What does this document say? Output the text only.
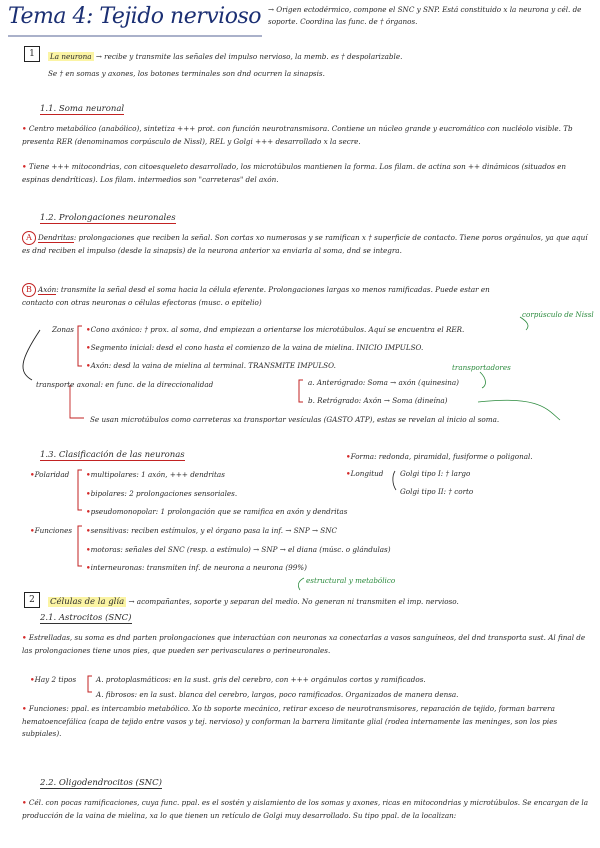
Tema 4: Tejido nervioso → Origen ectodérmico, compone el SNC y SNP. Está constituido x la neurona y cél. de soporte. Coordina las func. de † órganos.
1	La neurona → recibe y transmite las señales del impulso nervioso, la memb. es † despolarizable.
Se † en somas y axones, los botones terminales son dnd ocurren la sinapsis.
1.1. Soma neuronal
• Centro metabólico (anabólico), sintetiza +++ prot. con función neurotransmisora. Contiene un núcleo grande y eucromático con nucléolo visible. Tb presenta RER (denominamos corpúsculo de Nissl), REL y Golgi +++ desarrollado x la secre.
• Tiene +++ mitocondrias, con citoesqueleto desarrollado, los microtúbulos mantienen la forma. Los filam. de actina son ++ dinámicos (situados en espinas dendríticas). Los filam. intermedios son "carreteras" del axón.
1.2. Prolongaciones neuronales
A Dendritas: prolongaciones que reciben la señal. Son cortas xo numerosas y se ramifican x † superficie de contacto. Tiene poros orgánulos, ya que aquí es dnd reciben el impulso (desde la sinapsis) de la neurona anterior xa enviarla al soma, dnd se integra.
B Axón: transmite la señal desd el soma hacia la célula eferente. Prolongaciones largas xo menos ramificadas. Puede estar en contacto con otras neuronas o células efectoras (musc. o epitelio)
corpúsculo de Nissl
Zonas •Cono axónico: † prox. al soma, dnd empiezan a orientarse los microtúbulos. Aquí se encuentra el RER.
•Segmento inicial: desd el cono hasta el comienzo de la vaina de mielina. INICIO IMPULSO.
•Axón: desd la vaina de mielina al terminal. TRANSMITE IMPULSO.	transportadores
transporte axonal: en func. de la direccionalidad	a. Anterógrado: Soma → axón (quinesina)
b. Retrógrado: Axón → Soma (dineína)
Se usan microtúbulos como carreteras xa transportar vesículas (GASTO ATP), estas se revelan al inicio al soma.
1.3. Clasificación de las neuronas	•Forma: redonda, piramidal, fusiforme o poligonal.
•Longitud Golgi tipo I: † largo
Golgi tipo II: † corto
•Polaridad •multipolares: 1 axón, +++ dendritas
•bipolares: 2 prolongaciones sensoriales.
•pseudomonopolar: 1 prolongación que se ramifica en axón y dendritas
•Funciones •sensitivas: reciben estímulos, y el órgano pasa la inf. → SNP → SNC
•motoras: señales del SNC (resp. a estímulo) → SNP → el diana (músc. o glándulas)
•interneuronas: transmiten inf. de neurona a neurona (99%)
estructural y metabólico
2	Células de la glía → acompañantes, soporte y separan del medio. No generan ni transmiten el imp. nervioso.
2.1. Astrocitos (SNC)
• Estrelladas, su soma es dnd parten prolongaciones que interactúan con neuronas xa conectarlas a vasos sanguíneos, del dnd transporta sust. Al final de las prolongaciones tiene unos pies, que pueden ser perivasculares o perineuronales.
•Hay 2 tipos	A. protoplasmáticos: en la sust. gris del cerebro, con +++ orgánulos cortos y ramificados.
A. fibrosos: en la sust. blanca del cerebro, largos, poco ramificados. Organizados de manera densa.
• Funciones: ppal. es intercambio metabólico. Xo tb soporte mecánico, retirar exceso de neurotransmisores, reparación de tejido, forman barrera hematoencefálica (capa de tejido entre vasos y tej. nervioso) y conforman la barrera limitante glial (rodea internamente las meninges, son los pies subpiales).
2.2. Oligodendrocitos (SNC)
• Cél. con pocas ramificaciones, cuya func. ppal. es el sostén y aislamiento de los somas y axones, ricas en mitocondrias y microtúbulos. Se encargan de la producción de la vaina de mielina, xa lo que tienen un retículo de Golgi muy desarrollado. Su tipo ppal. de la localizan:
